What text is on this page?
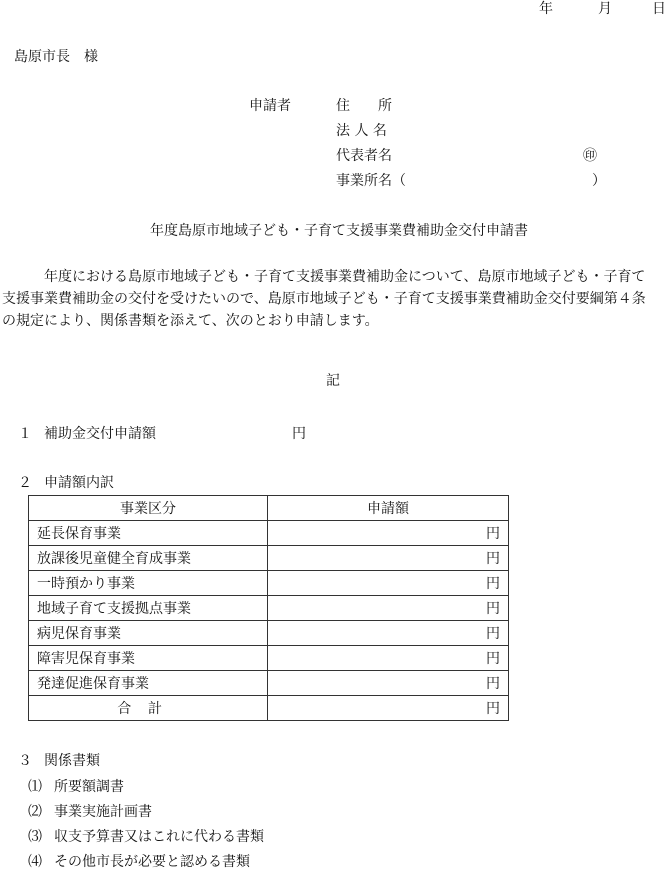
年	月	日
島原市長　様
申請者	住　　所
法 人 名
代表者名	㊞
事業所名（	）
年度島原市地域子ども・子育て支援事業費補助金交付申請書
年度における島原市地域子ども・子育て支援事業費補助金について、島原市地域子ども・子育て
支援事業費補助金の交付を受けたいので、島原市地域子ども・子育て支援事業費補助金交付要綱第４条
の規定により、関係書類を添えて、次のとおり申請します。
記
１ 補助金交付申請額	円
２ 申請額内訳
事業区分	申請額
延長保育事業	円
放課後児童健全育成事業	円
一時預かり事業	円
地域子育て支援拠点事業	円
病児保育事業	円
障害児保育事業	円
発達促進保育事業	円
合計	円
３ 関係書類
⑴ 所要額調書
⑵ 事業実施計画書
⑶ 収支予算書又はこれに代わる書類
⑷ その他市長が必要と認める書類
